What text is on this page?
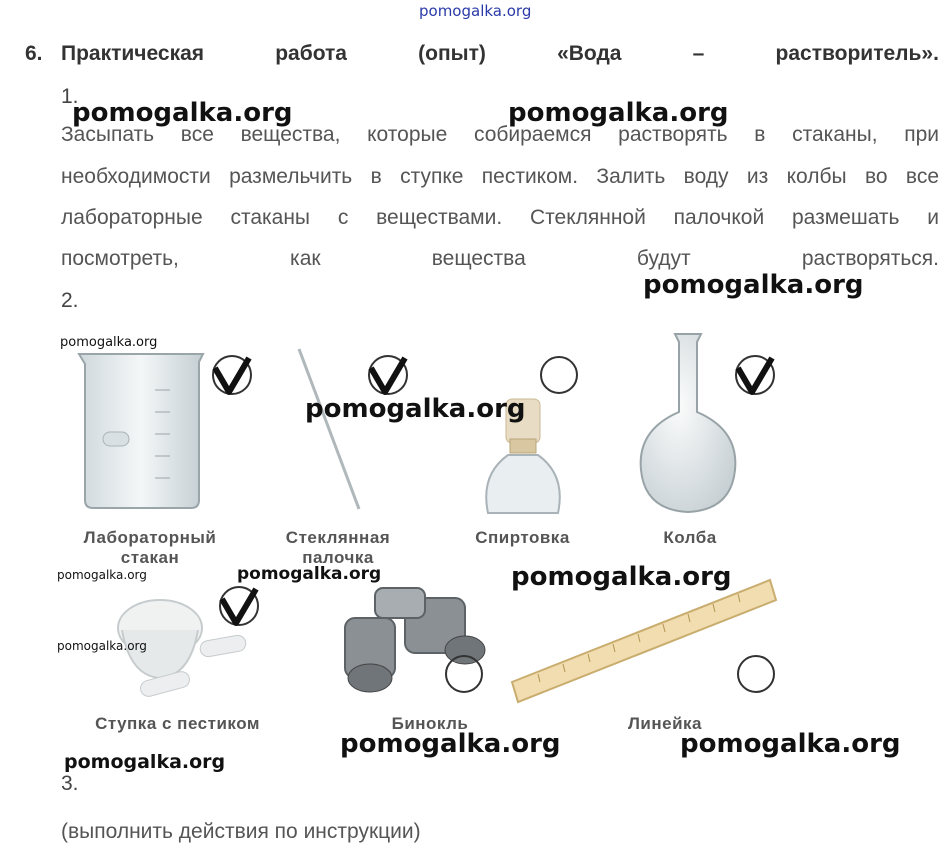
pomogalka.org
6. Практическая	работа	(опыт)	«Вода	–	растворитель».
1.
Засыпать все вещества, которые собираемся растворять в стаканы, при
необходимости размельчить в ступке пестиком. Залить воду из колбы во все
лабораторные стаканы с веществами. Стеклянной палочкой размешать и
посмотреть, как вещества будут растворяться.
2.
Лабораторный
стакан
Стеклянная
палочка
Спиртовка	Колба
Ступка с пестиком	Бинокль	Линейка
3.
(выполнить действия по инструкции)
pomogalka.org	pomogalka.org
pomogalka.org
pomogalka.org
pomogalka.org
pomogalka.org	pomogalka.org	pomogalka.org
pomogalka.org
pomogalka.org	pomogalka.org
pomogalka.org
